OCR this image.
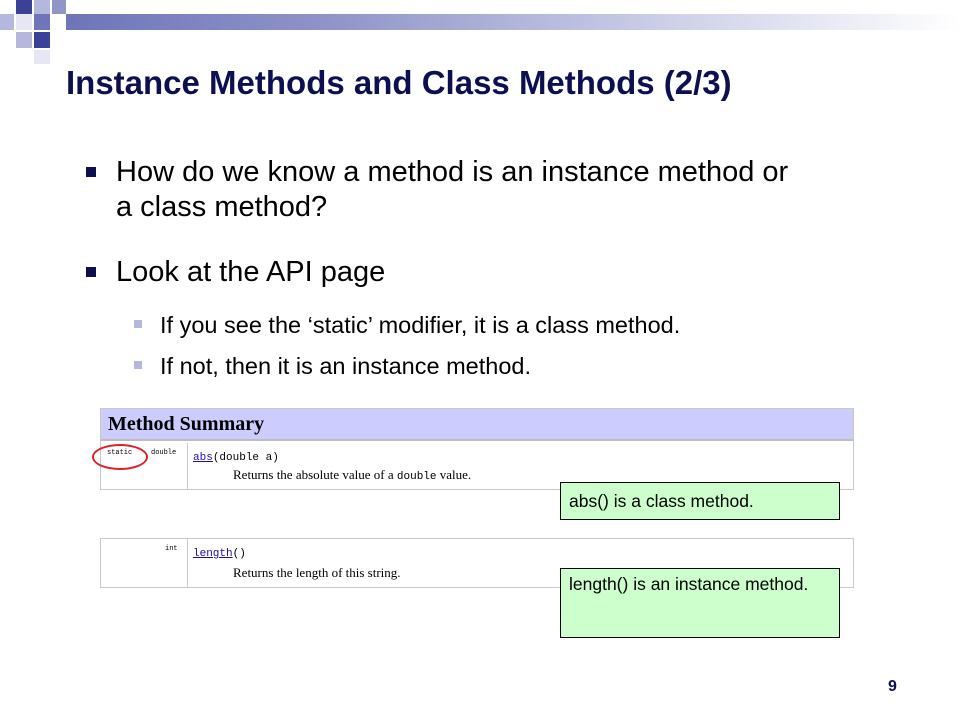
Instance Methods and Class Methods (2/3)
How do we know a method is an instance method or a class method?
Look at the API page
If you see the ‘static’ modifier, it is a class method.
If not, then it is an instance method.
Method Summary
static	double abs(double a)
Returns the absolute value of a double value.
int length()
Returns the length of this string.
abs() is a class method.
length() is an instance method.
9
